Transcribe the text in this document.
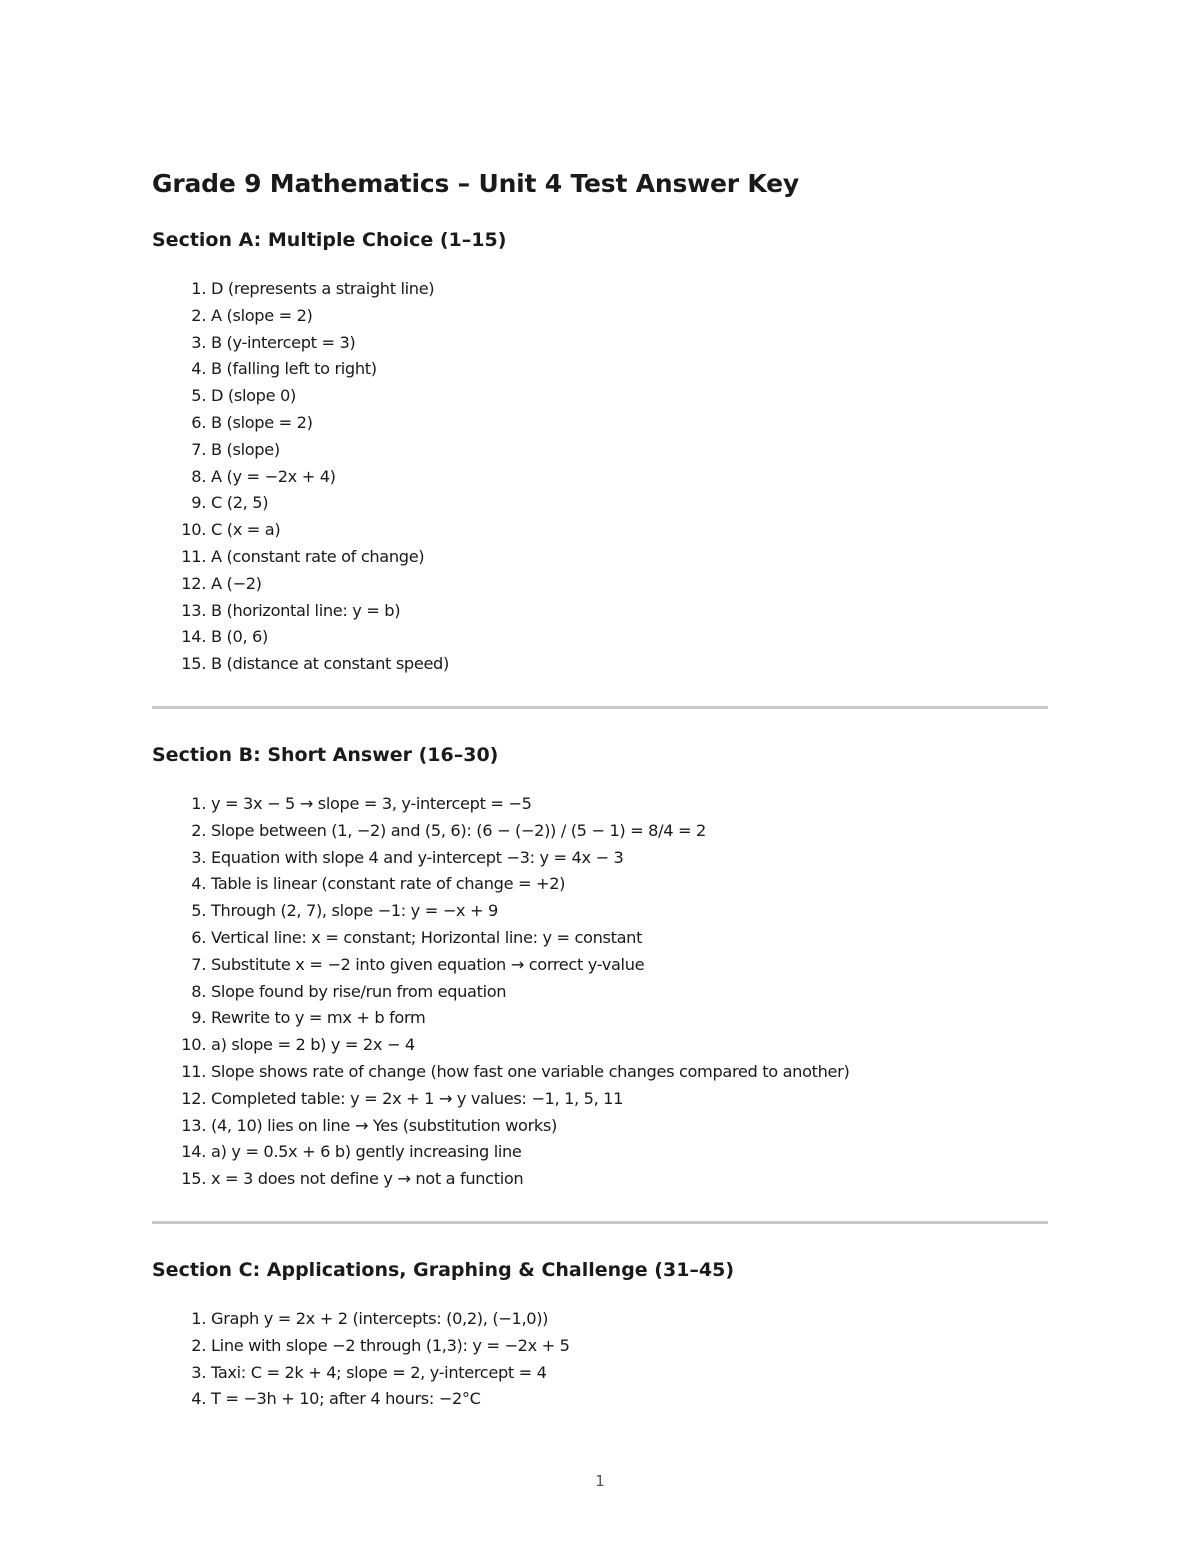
Grade 9 Mathematics – Unit 4 Test Answer Key
Section A: Multiple Choice (1–15)
1. D (represents a straight line)
2. A (slope = 2)
3. B (y-intercept = 3)
4. B (falling left to right)
5. D (slope 0)
6. B (slope = 2)
7. B (slope)
8. A (y = −2x + 4)
9. C (2, 5)
10. C (x = a)
11. A (constant rate of change)
12. A (−2)
13. B (horizontal line: y = b)
14. B (0, 6)
15. B (distance at constant speed)
Section B: Short Answer (16–30)
1. y = 3x − 5 → slope = 3, y-intercept = −5
2. Slope between (1, −2) and (5, 6): (6 − (−2)) / (5 − 1) = 8/4 = 2
3. Equation with slope 4 and y-intercept −3: y = 4x − 3
4. Table is linear (constant rate of change = +2)
5. Through (2, 7), slope −1: y = −x + 9
6. Vertical line: x = constant; Horizontal line: y = constant
7. Substitute x = −2 into given equation → correct y-value
8. Slope found by rise/run from equation
9. Rewrite to y = mx + b form
10. a) slope = 2 b) y = 2x − 4
11. Slope shows rate of change (how fast one variable changes compared to another)
12. Completed table: y = 2x + 1 → y values: −1, 1, 5, 11
13. (4, 10) lies on line → Yes (substitution works)
14. a) y = 0.5x + 6 b) gently increasing line
15. x = 3 does not define y → not a function
Section C: Applications, Graphing & Challenge (31–45)
1. Graph y = 2x + 2 (intercepts: (0,2), (−1,0))
2. Line with slope −2 through (1,3): y = −2x + 5
3. Taxi: C = 2k + 4; slope = 2, y-intercept = 4
4. T = −3h + 10; after 4 hours: −2°C
1
